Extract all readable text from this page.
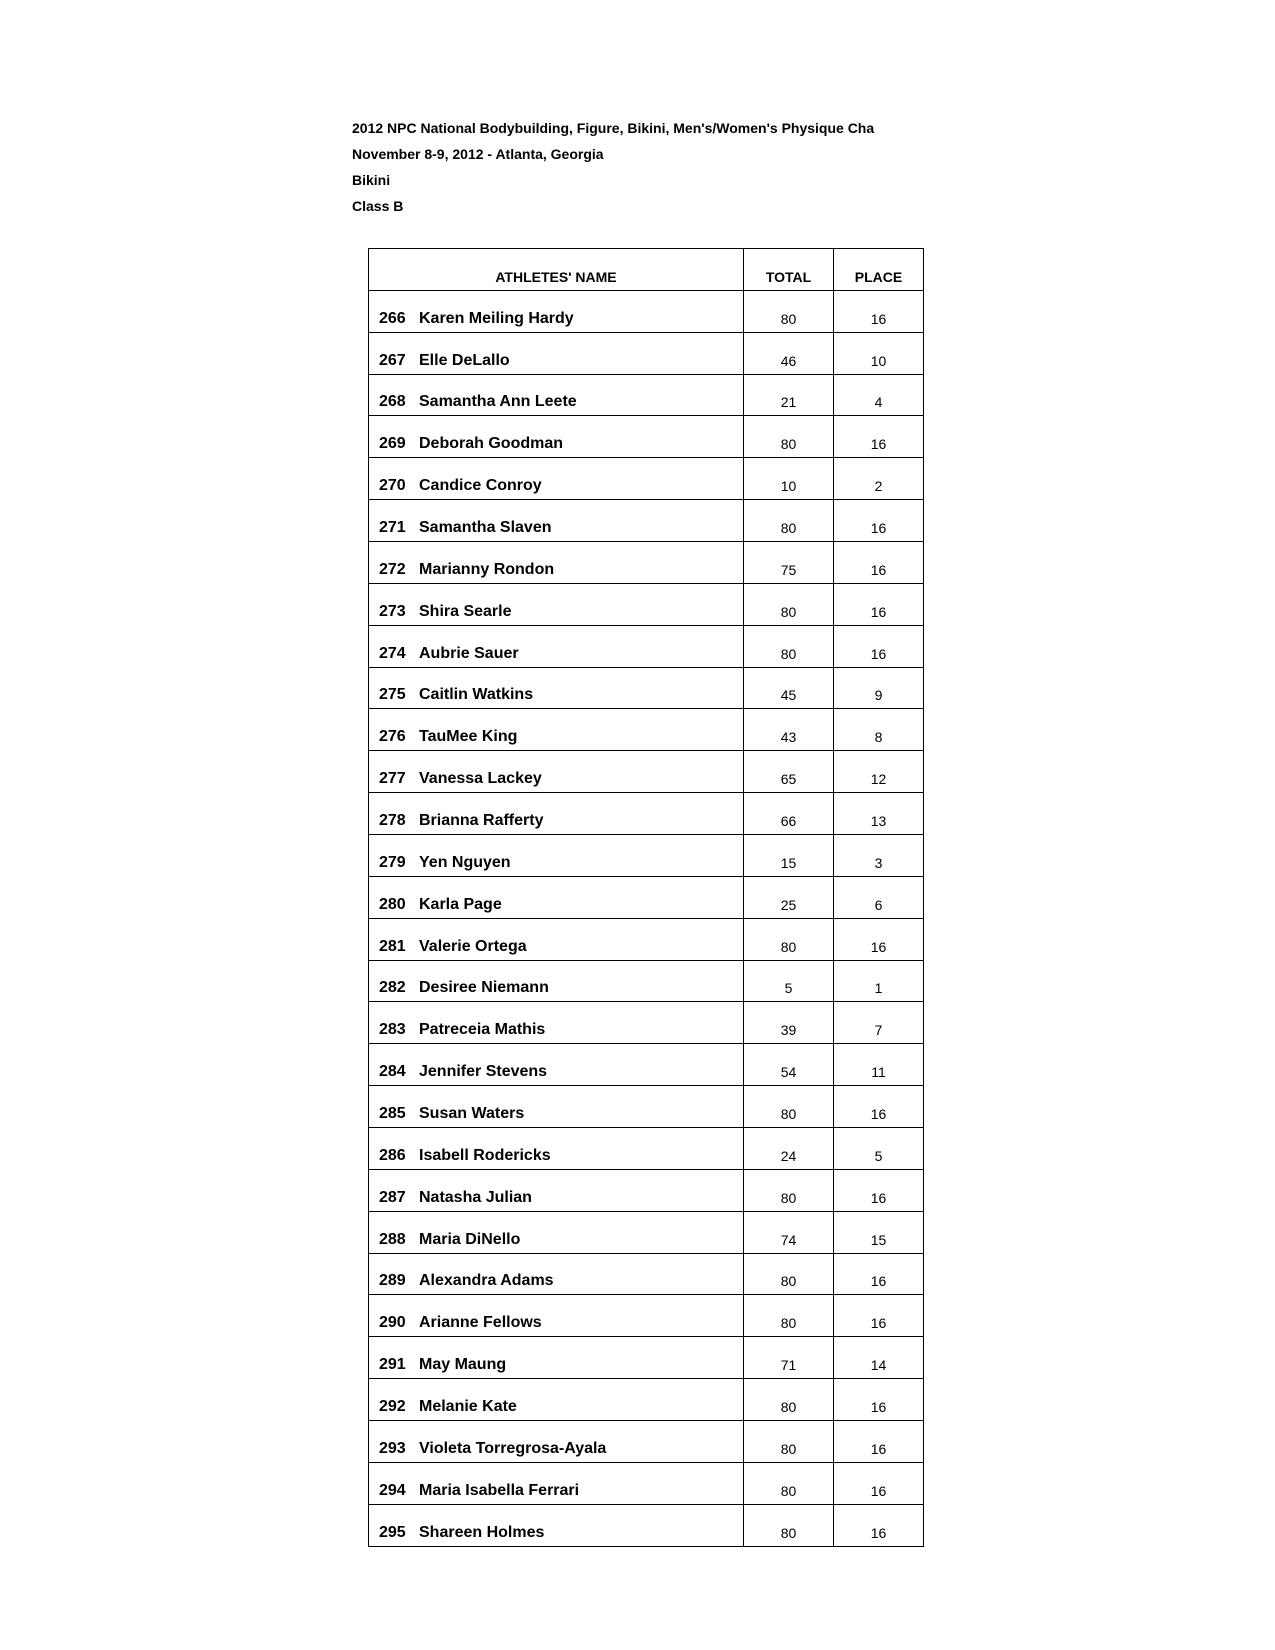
2012 NPC National Bodybuilding, Figure, Bikini, Men's/Women's Physique Cha
November 8-9, 2012 - Atlanta, Georgia
Bikini
Class B
ATHLETES' NAME	TOTAL	PLACE
266 Karen Meiling Hardy	80	16
267 Elle DeLallo	46	10
268 Samantha Ann Leete	21	4
269 Deborah Goodman	80	16
270 Candice Conroy	10	2
271 Samantha Slaven	80	16
272 Marianny Rondon	75	16
273 Shira Searle	80	16
274 Aubrie Sauer	80	16
275 Caitlin Watkins	45	9
276 TauMee King	43	8
277 Vanessa Lackey	65	12
278 Brianna Rafferty	66	13
279 Yen Nguyen	15	3
280 Karla Page	25	6
281 Valerie Ortega	80	16
282 Desiree Niemann	5	1
283 Patreceia Mathis	39	7
284 Jennifer Stevens	54	11
285 Susan Waters	80	16
286 Isabell Rodericks	24	5
287 Natasha Julian	80	16
288 Maria DiNello	74	15
289 Alexandra Adams	80	16
290 Arianne Fellows	80	16
291 May Maung	71	14
292 Melanie Kate	80	16
293 Violeta Torregrosa-Ayala	80	16
294 Maria Isabella Ferrari	80	16
295 Shareen Holmes	80	16
